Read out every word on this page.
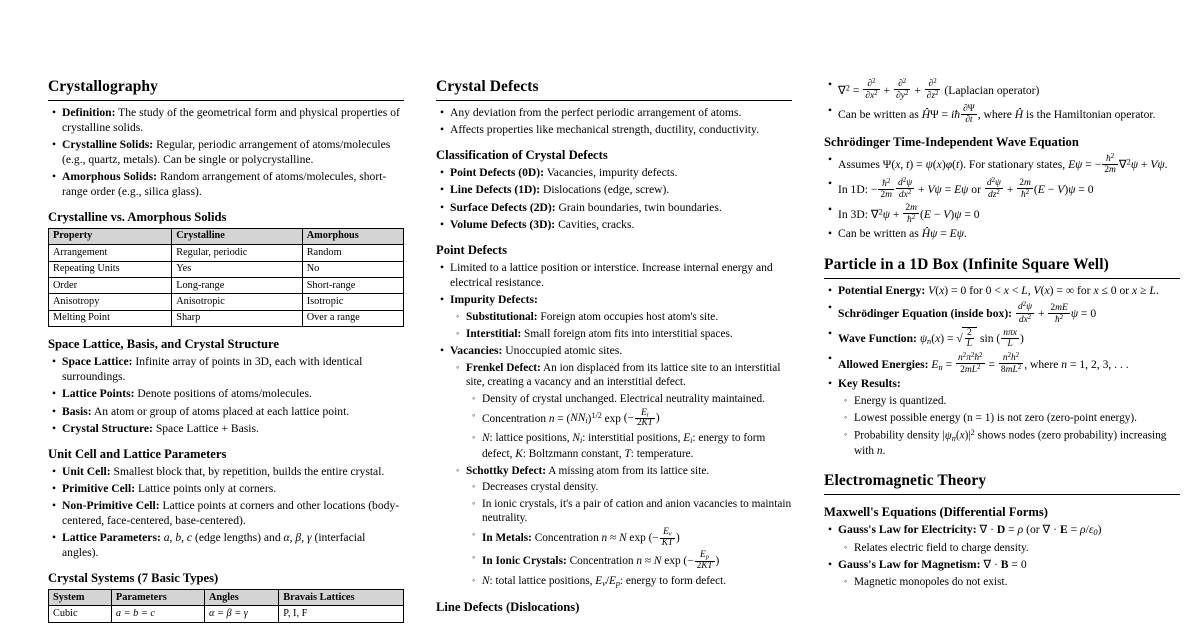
Crystallography
• Definition: The study of the geometrical form and physical properties of crystalline solids.
• Crystalline Solids: Regular, periodic arrangement of atoms/molecules (e.g., quartz, metals). Can be single or polycrystalline.
• Amorphous Solids: Random arrangement of atoms/molecules, short-range order (e.g., silica glass).
Crystalline vs. Amorphous Solids
Property	Crystalline	Amorphous
Arrangement	Regular, periodic	Random
Repeating Units	Yes	No
Order	Long-range	Short-range
Anisotropy	Anisotropic	Isotropic
Melting Point	Sharp	Over a range
Space Lattice, Basis, and Crystal Structure
• Space Lattice: Infinite array of points in 3D, each with identical surroundings.
• Lattice Points: Denote positions of atoms/molecules.
• Basis: An atom or group of atoms placed at each lattice point.
• Crystal Structure: Space Lattice + Basis.
Unit Cell and Lattice Parameters
• Unit Cell: Smallest block that, by repetition, builds the entire crystal.
• Primitive Cell: Lattice points only at corners.
• Non-Primitive Cell: Lattice points at corners and other locations (body-centered, face-centered, base-centered).
• Lattice Parameters: a, b, c (edge lengths) and α, β, γ (interfacial angles).
Crystal Systems (7 Basic Types)
System	Parameters	Angles	Bravais Lattices
Cubic	a = b = c	α = β = γ	P, I, F
Crystal Defects
• Any deviation from the perfect periodic arrangement of atoms.
• Affects properties like mechanical strength, ductility, conductivity.
Classification of Crystal Defects
• Point Defects (0D): Vacancies, impurity defects.
• Line Defects (1D): Dislocations (edge, screw).
• Surface Defects (2D): Grain boundaries, twin boundaries.
• Volume Defects (3D): Cavities, cracks.
Point Defects
• Limited to a lattice position or interstice. Increase internal energy and electrical resistance.
• Impurity Defects:
◦ Substitutional: Foreign atom occupies host atom's site.
◦ Interstitial: Small foreign atom fits into interstitial spaces.
• Vacancies: Unoccupied atomic sites.
◦ Frenkel Defect: An ion displaced from its lattice site to an interstitial site, creating a vacancy and an interstitial defect.
◦ Density of crystal unchanged. Electrical neutrality maintained.
◦ Concentration $n = (NN_i)^{1/2}$ exp (− $\frac{E_i}{2KT}$ )
◦ N: lattice positions, $N_i$: interstitial positions, $E_i$: energy to form defect, K: Boltzmann constant, T: temperature.
◦ Schottky Defect: A missing atom from its lattice site.
◦ Decreases crystal density.
◦ In ionic crystals, it's a pair of cation and anion vacancies to maintain neutrality.
◦ In Metals: Concentration n ≈ N exp (− $\frac{E_v}{KT}$ )
◦ In Ionic Crystals: Concentration n ≈ N exp (− $\frac{E_p}{2KT}$ )
◦ N: total lattice positions, $E_v/E_p$: energy to form defect.
Line Defects (Dislocations)
• $\nabla^2 = \frac{\partial^2}{\partial x^2} + \frac{\partial^2}{\partial y^2} + \frac{\partial^2}{\partial z^2}$ (Laplacian operator)
• Can be written as ĤΨ = iħ $\frac{\partial\Psi}{\partial t}$ , where Ĥ is the Hamiltonian operator.
Schrödinger Time-Independent Wave Equation
• Assumes Ψ(x, t) = ψ(x)φ(t). For stationary states, Eψ = − $\frac{ħ^2}{2m} \nabla^2\psi + V\psi$.
• In 1D: − $\frac{ħ^2}{2m} \frac{d^2\psi}{dx^2} + V\psi = E\psi$ or $\frac{d^2\psi}{dz^2} + \frac{2m}{ħ^2} (E - V)\psi = 0$
• In 3D: $\nabla^2\psi + \frac{2m}{ħ^2} (E - V)\psi = 0$
• Can be written as Ĥψ = Eψ.
Particle in a 1D Box (Infinite Square Well)
• Potential Energy: V(x) = 0 for 0 < x < L, V(x) = ∞ for x ≤ 0 or x ≥ L.
• Schrödinger Equation (inside box): $\frac{d^2\psi}{dx^2} + \frac{2mE}{ħ^2}$ ψ = 0
• Wave Function: $\psi_n(x)$ = √ $\frac{2}{L}$ sin ( $\frac{\text{nπx}}{L}$ )
• Allowed Energies: $E_n = \frac{n^2\pi^2ħ^2}{2mL^2} = \frac{n^2h^2}{8mL^2}$ , where n = 1, 2, 3, . . .
• Key Results:
◦ Energy is quantized.
◦ Lowest possible energy (n = 1) is not zero (zero-point energy).
◦ Probability density $|\psi_n(x)|^2$ shows nodes (zero probability) increasing with n.
Electromagnetic Theory
Maxwell's Equations (Differential Forms)
• Gauss's Law for Electricity: ∇ · D = ρ (or ∇ · $E = \rho/\varepsilon_0$)
◦ Relates electric field to charge density.
• Gauss's Law for Magnetism: ∇ · B = 0
◦ Magnetic monopoles do not exist.
